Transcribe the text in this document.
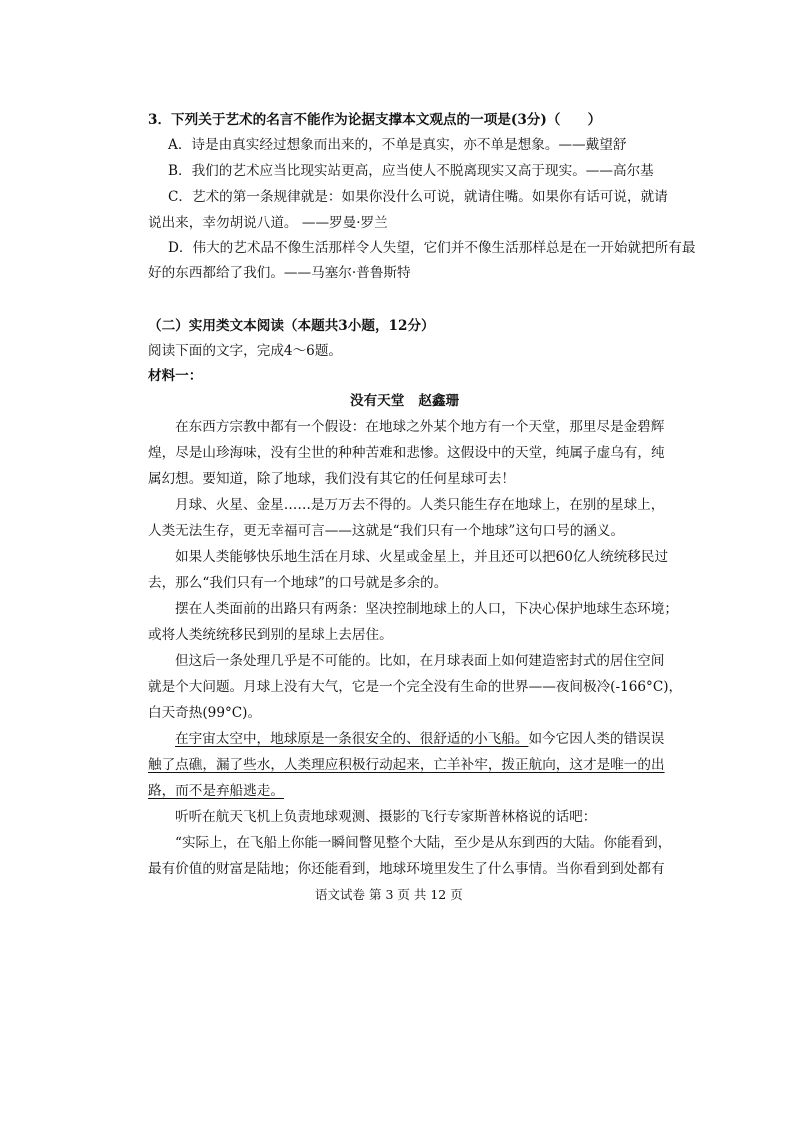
3．下列关于艺术的名言不能作为论据支撑本文观点的一项是(3分)（　　）
A．诗是由真实经过想象而出来的，不单是真实，亦不单是想象。——戴望舒
B．我们的艺术应当比现实站更高，应当使人不脱离现实又高于现实。——高尔基
C．艺术的第一条规律就是：如果你没什么可说，就请住嘴。如果你有话可说，就请
说出来，幸勿胡说八道。 ——罗曼·罗兰
D．伟大的艺术品不像生活那样令人失望，它们并不像生活那样总是在一开始就把所有最
好的东西都给了我们。——马塞尔·普鲁斯特
（二）实用类文本阅读（本题共3小题，12分）
阅读下面的文字，完成4～6题。
材料一：
没有天堂 赵鑫珊
在东西方宗教中都有一个假设：在地球之外某个地方有一个天堂，那里尽是金碧辉
煌，尽是山珍海味，没有尘世的种种苦难和悲惨。这假设中的天堂，纯属子虚乌有，纯
属幻想。要知道，除了地球，我们没有其它的任何星球可去！
月球、火星、金星……是万万去不得的。人类只能生存在地球上，在别的星球上，
人类无法生存，更无幸福可言——这就是“我们只有一个地球”这句口号的涵义。
如果人类能够快乐地生活在月球、火星或金星上，并且还可以把60亿人统统移民过
去，那么“我们只有一个地球”的口号就是多余的。
摆在人类面前的出路只有两条：坚决控制地球上的人口，下决心保护地球生态环境；
或将人类统统移民到别的星球上去居住。
但这后一条处理几乎是不可能的。比如，在月球表面上如何建造密封式的居住空间
就是个大问题。月球上没有大气，它是一个完全没有生命的世界——夜间极冷(-166°C)，
白天奇热(99°C)。
在宇宙太空中，地球原是一条很安全的、很舒适的小飞船。如今它因人类的错误误
触了点礁，漏了些水，人类理应积极行动起来，亡羊补牢，拨正航向，这才是唯一的出
路，而不是弃船逃走。
听听在航天飞机上负责地球观测、摄影的飞行专家斯普林格说的话吧：
“实际上，在飞船上你能一瞬间瞥见整个大陆，至少是从东到西的大陆。你能看到，
最有价值的财富是陆地；你还能看到，地球环境里发生了什么事情。当你看到到处都有
语文试卷 第 3 页 共 12 页
